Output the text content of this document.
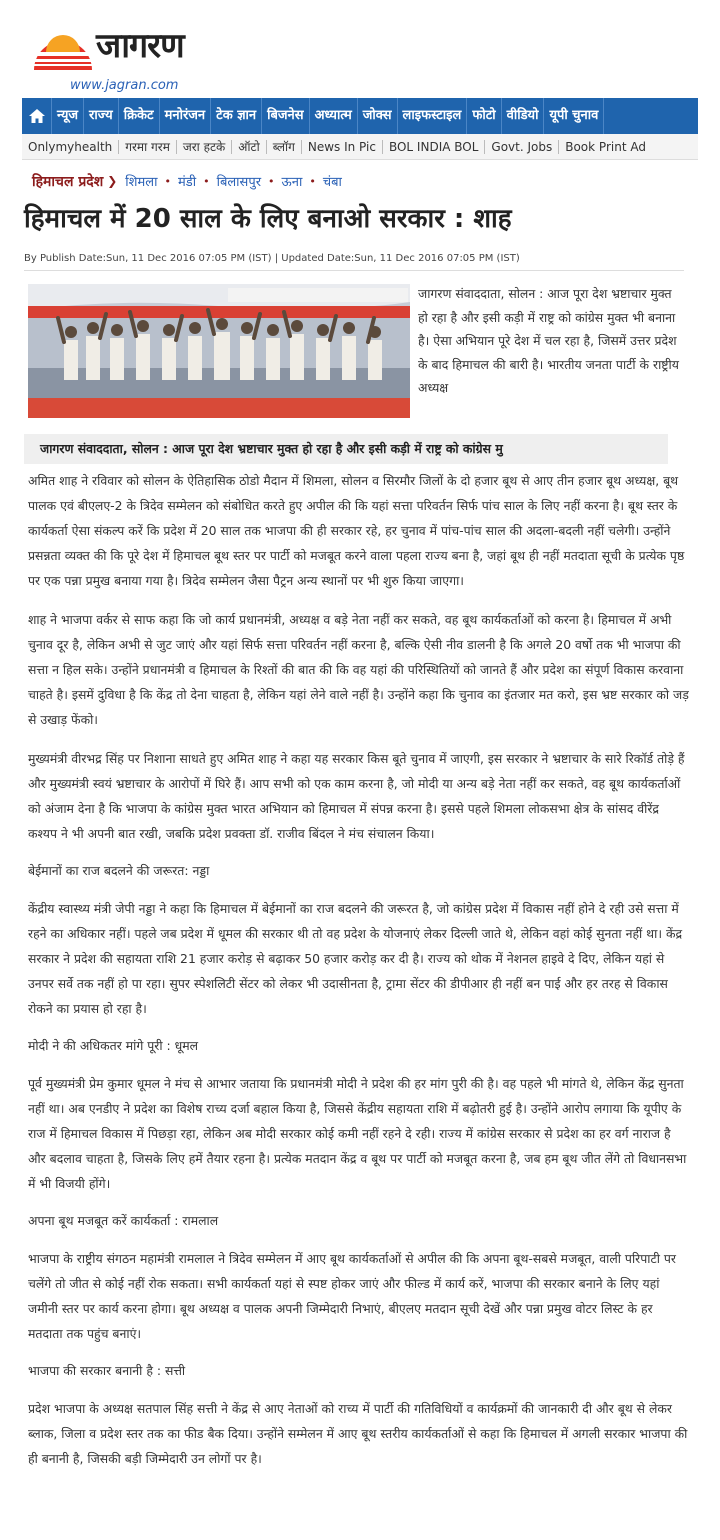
जागरण
www.jagran.com
न्यूज राज्य क्रिकेट मनोरंजन टेक ज्ञान बिजनेस अध्यात्म जोक्स लाइफस्टाइल फोटो वीडियो यूपी चुनाव
Onlymyhealth	गरमा गरम	जरा हटके	ऑटो	ब्लॉग	News In Pic	BOL INDIA BOL	Govt. Jobs	Book Print Ad
हिमाचल प्रदेश ❯ शिमला • मंडी • बिलासपुर • ऊना • चंबा
हिमाचल में 20 साल के लिए बनाओ सरकार : शाह
By Publish Date:Sun, 11 Dec 2016 07:05 PM (IST) | Updated Date:Sun, 11 Dec 2016 07:05 PM (IST)

जागरण संवाददाता, सोलन : आज पूरा देश भ्रष्टाचार मुक्त हो रहा है और इसी कड़ी में राष्ट्र को कांग्रेस मुक्त भी बनाना है। ऐसा अभियान पूरे देश में चल रहा है, जिसमें उत्तर प्रदेश के बाद हिमाचल की बारी है। भारतीय जनता पार्टी के राष्ट्रीय अध्यक्ष

जागरण संवाददाता, सोलन : आज पूरा देश भ्रष्टाचार मुक्त हो रहा है और इसी कड़ी में राष्ट्र को कांग्रेस मु

अमित शाह ने रविवार को सोलन के ऐतिहासिक ठोडो मैदान में शिमला, सोलन व सिरमौर जिलों के दो हजार बूथ से आए तीन हजार बूथ अध्यक्ष, बूथ पालक एवं बीएलए-2 के त्रिदेव सम्मेलन को संबोधित करते हुए अपील की कि यहां सत्ता परिवर्तन सिर्फ पांच साल के लिए नहीं करना है। बूथ स्तर के कार्यकर्ता ऐसा संकल्प करें कि प्रदेश में 20 साल तक भाजपा की ही सरकार रहे, हर चुनाव में पांच-पांच साल की अदला-बदली नहीं चलेगी। उन्होंने प्रसन्नता व्यक्त की कि पूरे देश में हिमाचल बूथ स्तर पर पार्टी को मजबूत करने वाला पहला राज्य बना है, जहां बूथ ही नहीं मतदाता सूची के प्रत्येक पृष्ठ पर एक पन्ना प्रमुख बनाया गया है। त्रिदेव सम्मेलन जैसा पैट्रन अन्य स्थानों पर भी शुरु किया जाएगा।

शाह ने भाजपा वर्कर से साफ कहा कि जो कार्य प्रधानमंत्री, अध्यक्ष व बड़े नेता नहीं कर सकते, वह बूथ कार्यकर्ताओं को करना है। हिमाचल में अभी चुनाव दूर है, लेकिन अभी से जुट जाएं और यहां सिर्फ सत्ता परिवर्तन नहीं करना है, बल्कि ऐसी नीव डालनी है कि अगले 20 वर्षो तक भी भाजपा की सत्ता न हिल सके। उन्होंने प्रधानमंत्री व हिमाचल के रिश्तों की बात की कि वह यहां की परिस्थितियों को जानते हैं और प्रदेश का संपूर्ण विकास करवाना चाहते है। इसमें दुविधा है कि केंद्र तो देना चाहता है, लेकिन यहां लेने वाले नहीं है। उन्होंने कहा कि चुनाव का इंतजार मत करो, इस भ्रष्ट सरकार को जड़ से उखाड़ फेंको।

मुख्यमंत्री वीरभद्र सिंह पर निशाना साधते हुए अमित शाह ने कहा यह सरकार किस बूते चुनाव में जाएगी, इस सरकार ने भ्रष्टाचार के सारे रिकॉर्ड तोड़े हैं और मुख्यमंत्री स्वयं भ्रष्टाचार के आरोपों में घिरे हैं। आप सभी को एक काम करना है, जो मोदी या अन्य बड़े नेता नहीं कर सकते, वह बूथ कार्यकर्ताओं को अंजाम देना है कि भाजपा के कांग्रेस मुक्त भारत अभियान को हिमाचल में संपन्न करना है। इससे पहले शिमला लोकसभा क्षेत्र के सांसद वीरेंद्र कश्यप ने भी अपनी बात रखी, जबकि प्रदेश प्रवक्ता डॉ. राजीव बिंदल ने मंच संचालन किया।

बेईमानों का राज बदलने की जरूरत: नड्डा

केंद्रीय स्वास्थ्य मंत्री जेपी नड्डा ने कहा कि हिमाचल में बेईमानों का राज बदलने की जरूरत है, जो कांग्रेस प्रदेश में विकास नहीं होने दे रही उसे सत्ता में रहने का अधिकार नहीं। पहले जब प्रदेश में धूमल की सरकार थी तो वह प्रदेश के योजनाएं लेकर दिल्ली जाते थे, लेकिन वहां कोई सुनता नहीं था। केंद्र सरकार ने प्रदेश की सहायता राशि 21 हजार करोड़ से बढ़ाकर 50 हजार करोड़ कर दी है। राज्य को थोक में नेशनल हाइवे दे दिए, लेकिन यहां से उनपर सर्वे तक नहीं हो पा रहा। सुपर स्पेशलिटी सेंटर को लेकर भी उदासीनता है, ट्रामा सेंटर की डीपीआर ही नहीं बन पाई और हर तरह से विकास रोकने का प्रयास हो रहा है।

मोदी ने की अधिकतर मांगे पूरी : धूमल

पूर्व मुख्यमंत्री प्रेम कुमार धूमल ने मंच से आभार जताया कि प्रधानमंत्री मोदी ने प्रदेश की हर मांग पुरी की है। वह पहले भी मांगते थे, लेकिन केंद्र सुनता नहीं था। अब एनडीए ने प्रदेश का विशेष राच्य दर्जा बहाल किया है, जिससे केंद्रीय सहायता राशि में बढ़ोतरी हुई है। उन्होंने आरोप लगाया कि यूपीए के राज में हिमाचल विकास में पिछड़ा रहा, लेकिन अब मोदी सरकार कोई कमी नहीं रहने दे रही। राज्य में कांग्रेस सरकार से प्रदेश का हर वर्ग नाराज है और बदलाव चाहता है, जिसके लिए हमें तैयार रहना है। प्रत्येक मतदान केंद्र व बूथ पर पार्टी को मजबूत करना है, जब हम बूथ जीत लेंगे तो विधानसभा में भी विजयी होंगे।

अपना बूथ मजबूत करें कार्यकर्ता : रामलाल

भाजपा के राष्ट्रीय संगठन महामंत्री रामलाल ने त्रिदेव सम्मेलन में आए बूथ कार्यकर्ताओं से अपील की कि अपना बूथ-सबसे मजबूत, वाली परिपाटी पर चलेंगे तो जीत से कोई नहीं रोक सकता। सभी कार्यकर्ता यहां से स्पष्ट होकर जाएं और फील्ड में कार्य करें, भाजपा की सरकार बनाने के लिए यहां जमीनी स्तर पर कार्य करना होगा। बूथ अध्यक्ष व पालक अपनी जिम्मेदारी निभाएं, बीएलए मतदान सूची देखें और पन्ना प्रमुख वोटर लिस्ट के हर मतदाता तक पहुंच बनाएं।

भाजपा की सरकार बनानी है : सत्ती

प्रदेश भाजपा के अध्यक्ष सतपाल सिंह सत्ती ने केंद्र से आए नेताओं को राच्य में पार्टी की गतिविधियों व कार्यक्रमों की जानकारी दी और बूथ से लेकर ब्लाक, जिला व प्रदेश स्तर तक का फीड बैक दिया। उन्होंने सम्मेलन में आए बूथ स्तरीय कार्यकर्ताओं से कहा कि हिमाचल में अगली सरकार भाजपा की ही बनानी है, जिसकी बड़ी जिम्मेदारी उन लोगों पर है।
